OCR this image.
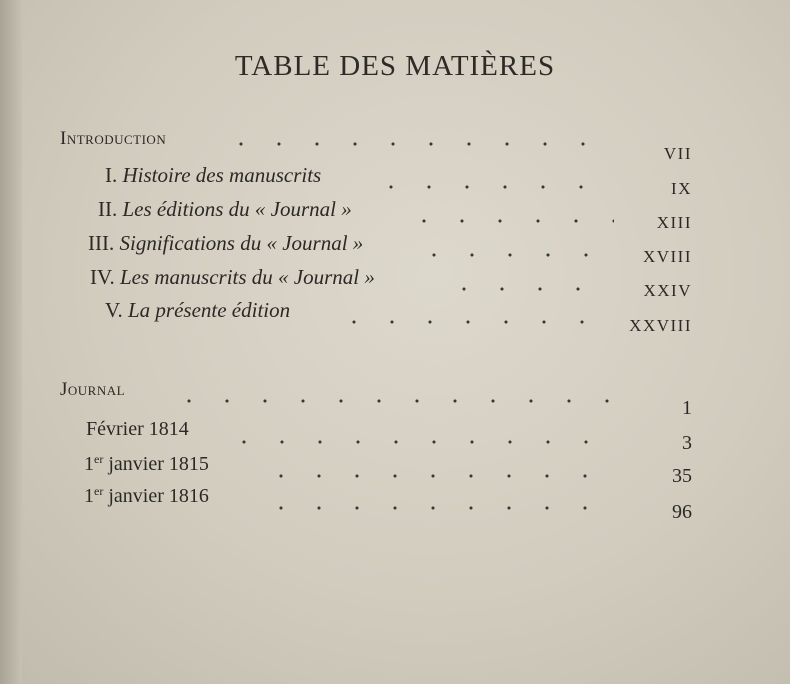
TABLE DES MATIÈRES
Introduction
VII
I. Histoire des manuscrits
IX
II. Les éditions du « Journal »
XIII
III. Significations du « Journal »
XVIII
IV. Les manuscrits du « Journal »
XXIV
V. La présente édition
XXVIII
Journal
1
Février 1814
3
1er janvier 1815
35
1er janvier 1816
96
